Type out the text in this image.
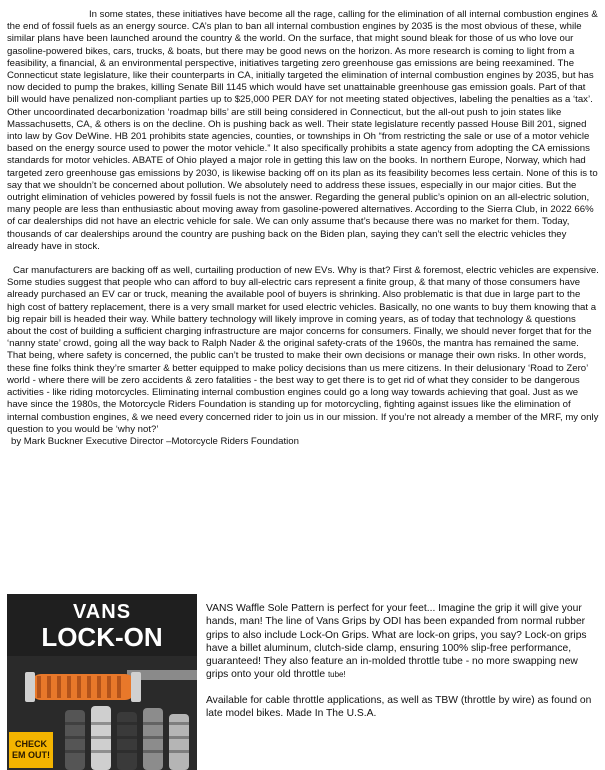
In some states, these initiatives have become all the rage, calling for the elimination of all internal combustion engines & the end of fossil fuels as an energy source. CA’s plan to ban all internal combustion engines by 2035 is the most obvious of these, while similar plans have been launched around the country & the world. On the surface, that might sound bleak for those of us who love our gasoline-powered bikes, cars, trucks, & boats, but there may be good news on the horizon. As more research is coming to light from a feasibility, a financial, & an environmental perspective, initiatives targeting zero greenhouse gas emissions are being reexamined. The Connecticut state legislature, like their counterparts in CA, initially targeted the elimination of internal combustion engines by 2035, but has now decided to pump the brakes, killing Senate Bill 1145 which would have set unattainable greenhouse gas emission goals. Part of that bill would have penalized non-compliant parties up to $25,000 PER DAY for not meeting stated objectives, labeling the penalties as a ‘tax’. Other uncoordinated decarbonization ‘roadmap bills’ are still being considered in Connecticut, but the all-out push to join states like Massachusetts, CA, & others is on the decline. Oh is pushing back as well. Their state legislature recently passed House Bill 201, signed into law by Gov DeWine. HB 201 prohibits state agencies, counties, or townships in Oh “from restricting the sale or use of a motor vehicle based on the energy source used to power the motor vehicle.” It also specifically prohibits a state agency from adopting the CA emissions standards for motor vehicles. ABATE of Ohio played a major role in getting this law on the books. In northern Europe, Norway, which had targeted zero greenhouse gas emissions by 2030, is likewise backing off on its plan as its feasibility becomes less certain. None of this is to say that we shouldn’t be concerned about pollution. We absolutely need to address these issues, especially in our major cities. But the outright elimination of vehicles powered by fossil fuels is not the answer. Regarding the general public’s opinion on an all-electric solution, many people are less than enthusiastic about moving away from gasoline-powered alternatives. According to the Sierra Club, in 2022 66% of car dealerships did not have an electric vehicle for sale. We can only assume that’s because there was no market for them. Today, thousands of car dealerships around the country are pushing back on the Biden plan, saying they can’t sell the electric vehicles they already have in stock.

Car manufacturers are backing off as well, curtailing production of new EVs. Why is that? First & foremost, electric vehicles are expensive. Some studies suggest that people who can afford to buy all-electric cars represent a finite group, & that many of those consumers have already purchased an EV car or truck, meaning the available pool of buyers is shrinking. Also problematic is that due in large part to the high cost of battery replacement, there is a very small market for used electric vehicles. Basically, no one wants to buy them knowing that a big repair bill is headed their way. While battery technology will likely improve in coming years, as of today that technology & questions about the cost of building a sufficient charging infrastructure are major concerns for consumers. Finally, we should never forget that for the ‘nanny state’ crowd, going all the way back to Ralph Nader & the original safety-crats of the 1960s, the mantra has remained the same. That being, where safety is concerned, the public can’t be trusted to make their own decisions or manage their own risks. In other words, these fine folks think they’re smarter & better equipped to make policy decisions than us mere citizens. In their delusionary ‘Road to Zero’ world - where there will be zero accidents & zero fatalities - the best way to get there is to get rid of what they consider to be dangerous activities - like riding motorcycles. Eliminating internal combustion engines could go a long way towards achieving that goal. Just as we have since the 1980s, the Motorcycle Riders Foundation is standing up for motorcycling, fighting against issues like the elimination of internal combustion engines, & we need every concerned rider to join us in our mission. If you’re not already a member of the MRF, my only question to you would be ‘why not?’

by Mark Buckner Executive Director –Motorcycle Riders Foundation

VANS
LOCK-ON
CHECK
EM OUT!

VANS Waffle Sole Pattern is perfect for your feet... Imagine the grip it will give your hands, man! The line of Vans Grips by ODI has been expanded from normal rubber grips to also include Lock-On Grips. What are lock-on grips, you say? Lock-on grips have a billet aluminum, clutch-side clamp, ensuring 100% slip-free performance, guaranteed! They also feature an in-molded throttle tube - no more swapping new grips onto your old throttle tube!

Available for cable throttle applications, as well as TBW (throttle by wire) as found on late model bikes. Made In The U.S.A.
